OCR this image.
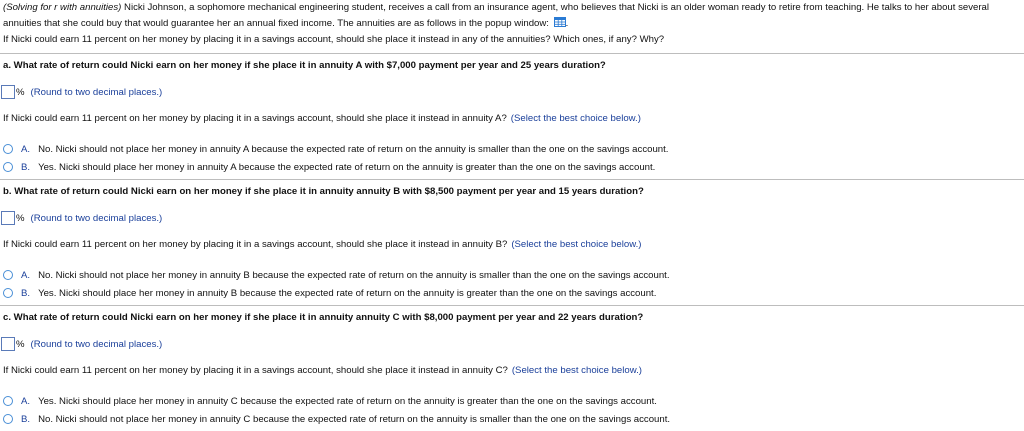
(Solving for r with annuities) Nicki Johnson, a sophomore mechanical engineering student, receives a call from an insurance agent, who believes that Nicki is an older woman ready to retire from teaching. He talks to her about several annuities that she could buy that would guarantee her an annual fixed income. The annuities are as follows in the popup window: .
If Nicki could earn 11 percent on her money by placing it in a savings account, should she place it instead in any of the annuities? Which ones, if any? Why?
a. What rate of return could Nicki earn on her money if she place it in annuity A with $7,000 payment per year and 25 years duration?
% (Round to two decimal places.)
If Nicki could earn 11 percent on her money by placing it in a savings account, should she place it instead in annuity A? (Select the best choice below.)
A. No. Nicki should not place her money in annuity A because the expected rate of return on the annuity is smaller than the one on the savings account.
B. Yes. Nicki should place her money in annuity A because the expected rate of return on the annuity is greater than the one on the savings account.
b. What rate of return could Nicki earn on her money if she place it in annuity annuity B with $8,500 payment per year and 15 years duration?
% (Round to two decimal places.)
If Nicki could earn 11 percent on her money by placing it in a savings account, should she place it instead in annuity B? (Select the best choice below.)
A. No. Nicki should not place her money in annuity B because the expected rate of return on the annuity is smaller than the one on the savings account.
B. Yes. Nicki should place her money in annuity B because the expected rate of return on the annuity is greater than the one on the savings account.
c. What rate of return could Nicki earn on her money if she place it in annuity annuity C with $8,000 payment per year and 22 years duration?
% (Round to two decimal places.)
If Nicki could earn 11 percent on her money by placing it in a savings account, should she place it instead in annuity C? (Select the best choice below.)
A. Yes. Nicki should place her money in annuity C because the expected rate of return on the annuity is greater than the one on the savings account.
B. No. Nicki should not place her money in annuity C because the expected rate of return on the annuity is smaller than the one on the savings account.
